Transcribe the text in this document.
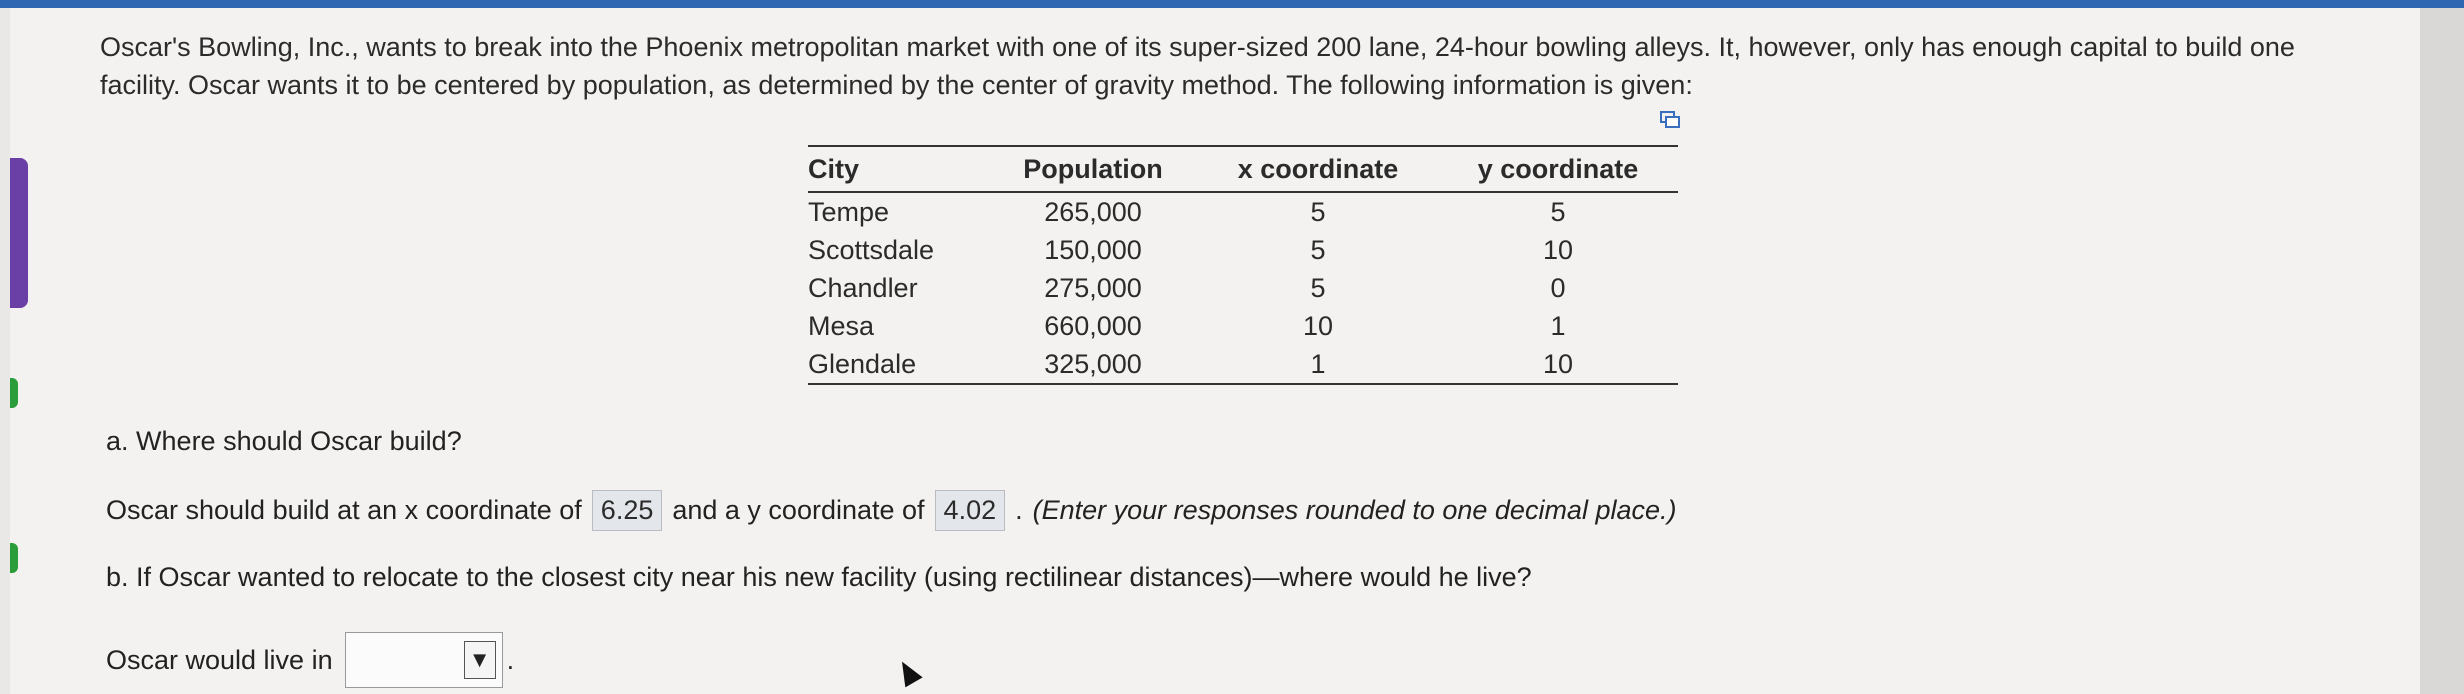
Oscar's Bowling, Inc., wants to break into the Phoenix metropolitan market with one of its super-sized 200 lane, 24-hour bowling alleys. It, however, only has enough capital to build one facility. Oscar wants it to be centered by population, as determined by the center of gravity method. The following information is given:
City	Population	x coordinate	y coordinate
Tempe	265,000	5	5
Scottsdale	150,000	5	10
Chandler	275,000	5	0
Mesa	660,000	10	1
Glendale	325,000	1	10
a. Where should Oscar build?
Oscar should build at an x coordinate of 6.25 and a y coordinate of 4.02 . (Enter your responses rounded to one decimal place.)
b. If Oscar wanted to relocate to the closest city near his new facility (using rectilinear distances)—where would he live?
Oscar would live in	▼ .
